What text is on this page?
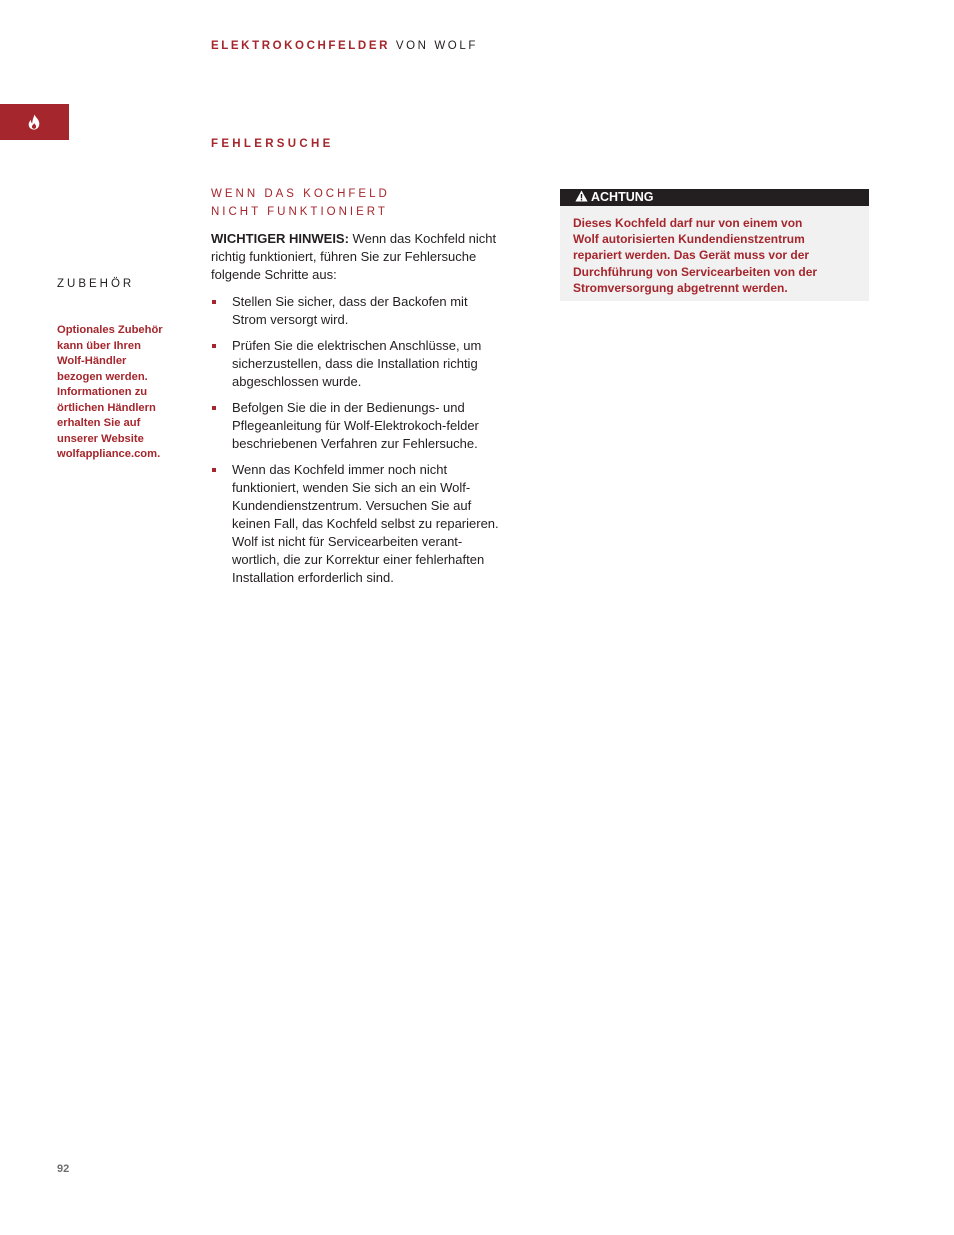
ELEKTROKOCHFELDER VON WOLF
FEHLERSUCHE
WENN DAS KOCHFELD
NICHT FUNKTIONIERT
ZUBEHÖR
Optionales Zubehör
kann über Ihren
Wolf-Händler
bezogen werden.
Informationen zu
örtlichen Händlern
erhalten Sie auf
unserer Website
wolfappliance.com.
WICHTIGER HINWEIS: Wenn das Kochfeld nicht
richtig funktioniert, führen Sie zur Fehlersuche
folgende Schritte aus:
Stellen Sie sicher, dass der Backofen mit
Strom versorgt wird.
Prüfen Sie die elektrischen Anschlüsse, um
sicherzustellen, dass die Installation richtig
abgeschlossen wurde.
Befolgen Sie die in der Bedienungs- und
Pflegeanleitung für Wolf-Elektrokoch-felder
beschriebenen Verfahren zur Fehlersuche.
Wenn das Kochfeld immer noch nicht
funktioniert, wenden Sie sich an ein Wolf-
Kundendienstzentrum. Versuchen Sie auf
keinen Fall, das Kochfeld selbst zu reparieren.
Wolf ist nicht für Servicearbeiten verant-
wortlich, die zur Korrektur einer fehlerhaften
Installation erforderlich sind.
ACHTUNG
Dieses Kochfeld darf nur von einem von
Wolf autorisierten Kundendienstzentrum
repariert werden. Das Gerät muss vor der
Durchführung von Servicearbeiten von der
Stromversorgung abgetrennt werden.
92
